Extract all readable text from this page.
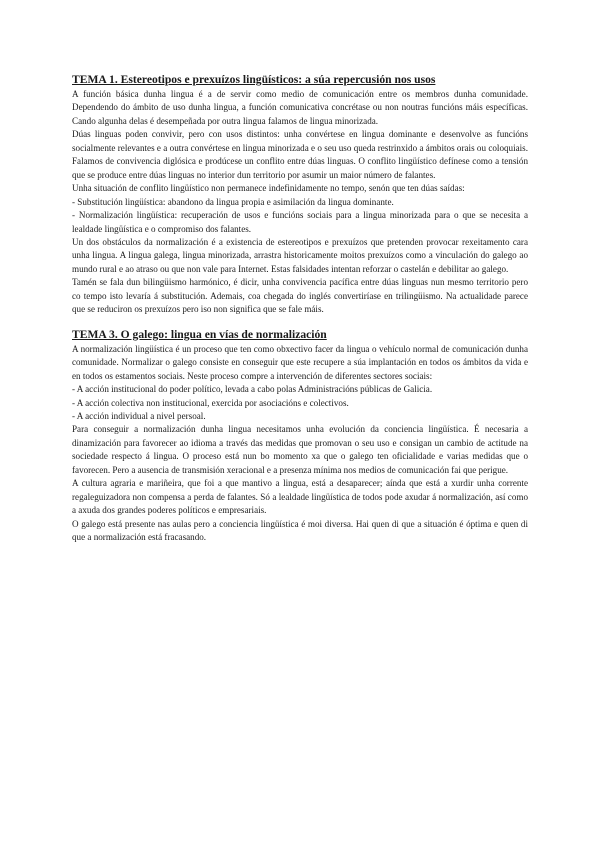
TEMA 1. Estereotipos e prexuízos lingüísticos: a súa repercusión nos usos

A función básica dunha lingua é a de servir como medio de comunicación entre os membros dunha comunidade. Dependendo do ámbito de uso dunha lingua, a función comunicativa concrétase ou non noutras funcións máis específicas. Cando algunha delas é desempeñada por outra lingua falamos de lingua minorizada.

Dúas linguas poden convivir, pero con usos distintos: unha convértese en lingua dominante e desenvolve as funcións socialmente relevantes e a outra convértese en lingua minorizada e o seu uso queda restrinxido a ámbitos orais ou coloquiais. Falamos de convivencia diglósica e prodúcese un conflito entre dúas linguas. O conflito lingüístico defínese como a tensión que se produce entre dúas linguas no interior dun territorio por asumir un maior número de falantes.

Unha situación de conflito lingüístico non permanece indefinidamente no tempo, senón que ten dúas saídas:

- Substitución lingüística: abandono da lingua propia e asimilación da lingua dominante.

- Normalización lingüística: recuperación de usos e funcións sociais para a lingua minorizada para o que se necesita a lealdade lingüística e o compromiso dos falantes.

Un dos obstáculos da normalización é a existencia de estereotipos e prexuízos que pretenden provocar rexeitamento cara unha lingua. A lingua galega, lingua minorizada, arrastra historicamente moitos prexuízos como a vinculación do galego ao mundo rural e ao atraso ou que non vale para Internet. Estas falsidades intentan reforzar o castelán e debilitar ao galego.

Tamén se fala dun bilingüismo harmónico, é dicir, unha convivencia pacífica entre dúas linguas nun mesmo territorio pero co tempo isto levaría á substitución. Ademais, coa chegada do inglés convertiríase en trilingüismo. Na actualidade parece que se reduciron os prexuízos pero iso non significa que se fale máis.

TEMA 3. O galego: lingua en vías de normalización

A normalización lingüística é un proceso que ten como obxectivo facer da lingua o vehículo normal de comunicación dunha comunidade. Normalizar o galego consiste en conseguir que este recupere a súa implantación en todos os ámbitos da vida e en todos os estamentos sociais. Neste proceso compre a intervención de diferentes sectores sociais:

- A acción institucional do poder político, levada a cabo polas Administracións públicas de Galicia.

- A acción colectiva non institucional, exercida por asociacións e colectivos.

- A acción individual a nivel persoal.

Para conseguir a normalización dunha lingua necesitamos unha evolución da conciencia lingüística. É necesaria a dinamización para favorecer ao idioma a través das medidas que promovan o seu uso e consigan un cambio de actitude na sociedade respecto á lingua. O proceso está nun bo momento xa que o galego ten oficialidade e varias medidas que o favorecen. Pero a ausencia de transmisión xeracional e a presenza mínima nos medios de comunicación fai que perigue.

A cultura agraria e mariñeira, que foi a que mantivo a lingua, está a desaparecer; aínda que está a xurdir unha corrente regaleguizadora non compensa a perda de falantes. Só a lealdade lingüística de todos pode axudar á normalización, así como a axuda dos grandes poderes políticos e empresariais.

O galego está presente nas aulas pero a conciencia lingüística é moi diversa. Hai quen di que a situación é óptima e quen di que a normalización está fracasando.
